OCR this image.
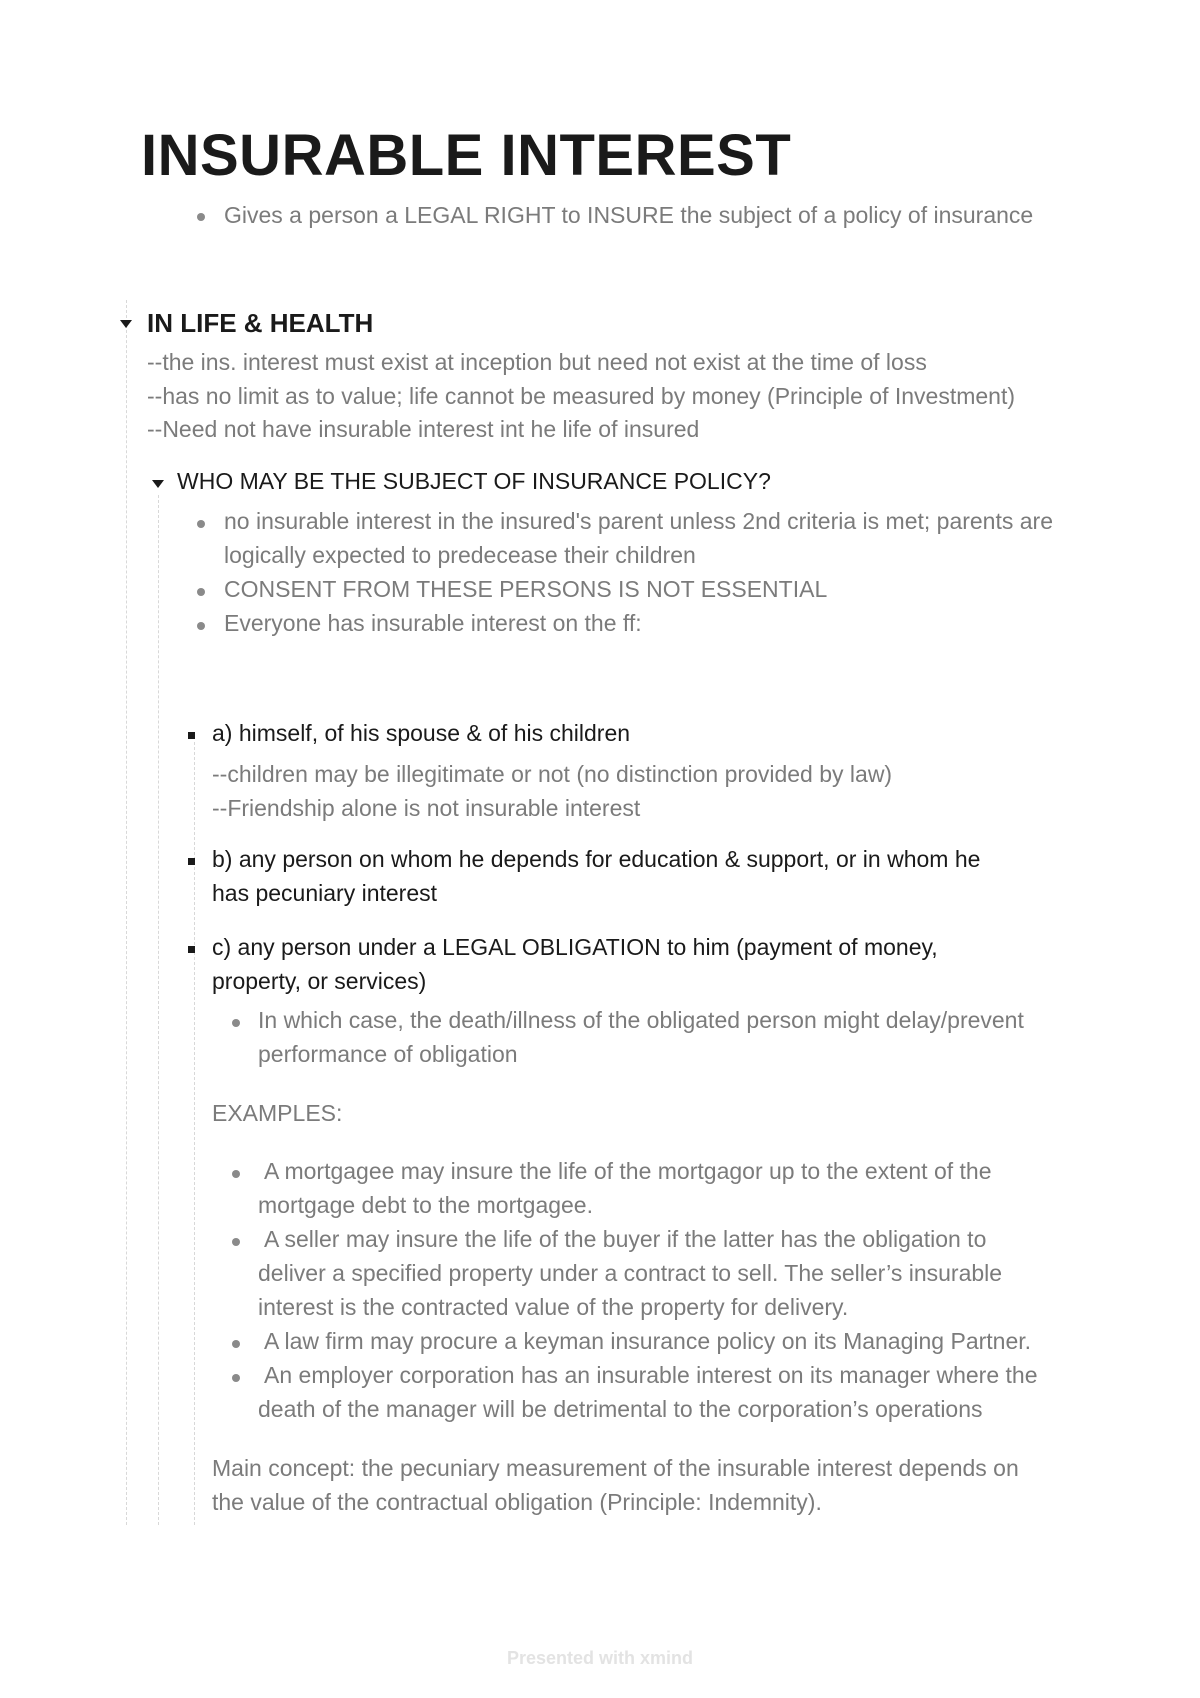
INSURABLE INTEREST
Gives a person a LEGAL RIGHT to INSURE the subject of a policy of insurance
IN LIFE & HEALTH
--the ins. interest must exist at inception but need not exist at the time of loss
--has no limit as to value; life cannot be measured by money (Principle of Investment)
--Need not have insurable interest int he life of insured
WHO MAY BE THE SUBJECT OF INSURANCE POLICY?
no insurable interest in the insured's parent unless 2nd criteria is met; parents are
logically expected to predecease their children
CONSENT FROM THESE PERSONS IS NOT ESSENTIAL
Everyone has insurable interest on the ff:
a) himself, of his spouse & of his children
--children may be illegitimate or not (no distinction provided by law)
--Friendship alone is not insurable interest
b) any person on whom he depends for education & support, or in whom he
has pecuniary interest
c) any person under a LEGAL OBLIGATION to him (payment of money,
property, or services)
In which case, the death/illness of the obligated person might delay/prevent
performance of obligation
EXAMPLES:
A mortgagee may insure the life of the mortgagor up to the extent of the
mortgage debt to the mortgagee.
A seller may insure the life of the buyer if the latter has the obligation to
deliver a specified property under a contract to sell. The seller’s insurable
interest is the contracted value of the property for delivery.
A law firm may procure a keyman insurance policy on its Managing Partner.
An employer corporation has an insurable interest on its manager where the
death of the manager will be detrimental to the corporation’s operations
Main concept: the pecuniary measurement of the insurable interest depends on
the value of the contractual obligation (Principle: Indemnity).
Presented with xmind
